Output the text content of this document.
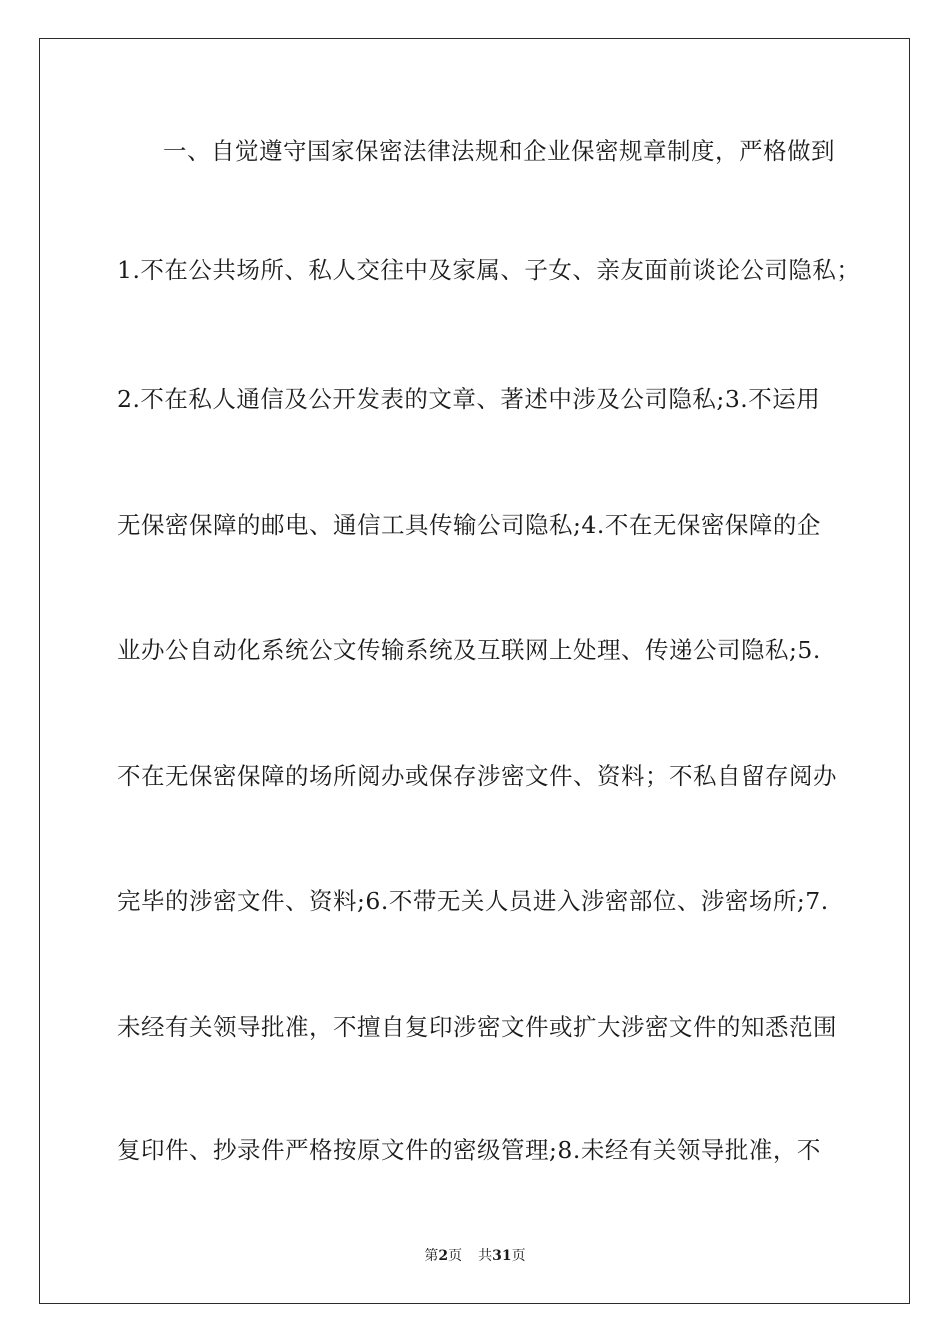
一、自觉遵守国家保密法律法规和企业保密规章制度，严格做到
1.不在公共场所、私人交往中及家属、子女、亲友面前谈论公司隐私；
2.不在私人通信及公开发表的文章、著述中涉及公司隐私;3.不运用
无保密保障的邮电、通信工具传输公司隐私;4.不在无保密保障的企
业办公自动化系统公文传输系统及互联网上处理、传递公司隐私;5.
不在无保密保障的场所阅办或保存涉密文件、资料；不私自留存阅办
完毕的涉密文件、资料;6.不带无关人员进入涉密部位、涉密场所;7.
未经有关领导批准，不擅自复印涉密文件或扩大涉密文件的知悉范围
复印件、抄录件严格按原文件的密级管理;8.未经有关领导批准，不
第2页 共31页
